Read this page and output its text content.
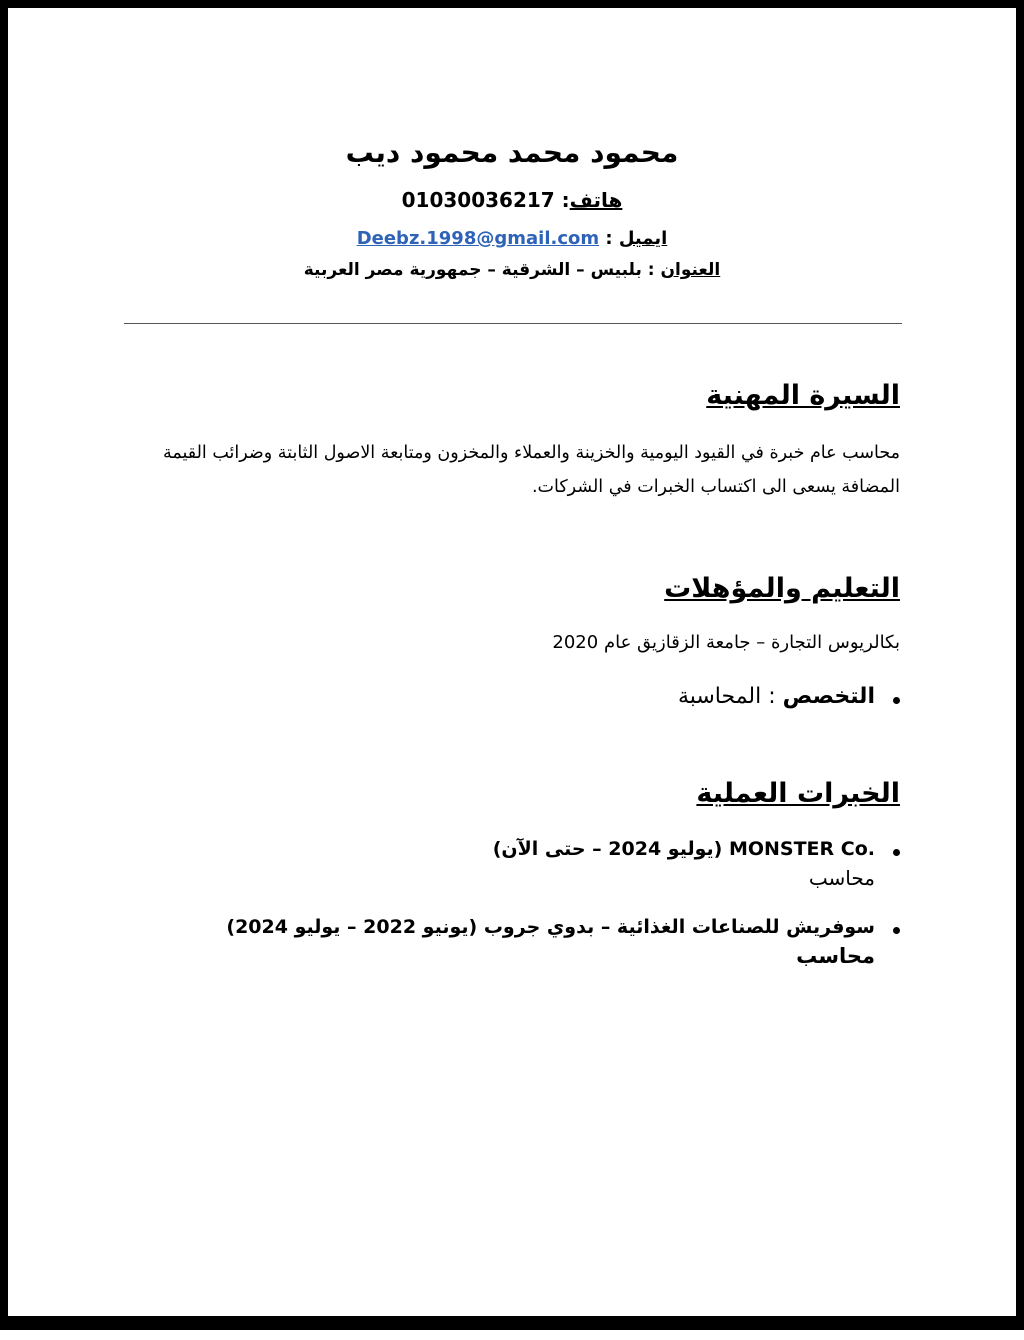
محمود محمد محمود ديب
هاتف: 01030036217
ايميل : Deebz.1998@gmail.com
العنوان : بلبيس – الشرقية – جمهورية مصر العربية
السيرة المهنية
محاسب عام خبرة في القيود اليومية والخزينة والعملاء والمخزون ومتابعة الاصول الثابتة وضرائب القيمة المضافة يسعى الى اكتساب الخبرات في الشركات.
التعليم والمؤهلات
بكالريوس التجارة – جامعة الزقازيق عام 2020
التخصص : المحاسبة
الخبرات العملية
MONSTER Co. (يوليو 2024 – حتى الآن)
محاسب
سوفريش للصناعات الغذائية – بدوي جروب (يونيو 2022 – يوليو 2024)
محاسب
